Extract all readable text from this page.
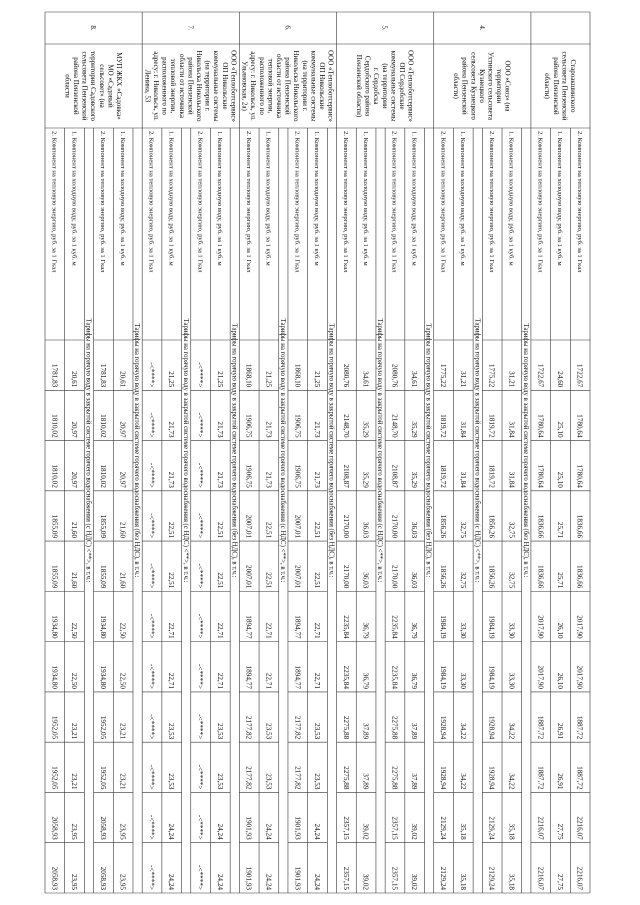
2. Компонент на тепловую энергию, руб. за 1 Гкал
1722,67
1780,64
1780,64
1836,66
1836,66
2017,90
2017,90
1887,72
1887,72
2216,07
2216,07
1. Компонент на холодную воду, руб. за 1 куб. м
24,60
25,10
25,10
25,71
25,71
26,10
26,10
26,91
26,91
27,75
27,75
2. Компонент на тепловую энергию, руб. за 1 Гкал
1722,67
1780,64
1780,64
1836,66
1836,66
2017,90
2017,90
1887,72
1887,72
2216,07
2216,07
Тарифы на горячую воду в закрытой системе горячего водоснабжения (без НДС), в т.ч.:
1. Компонент на холодную воду, руб. за 1 куб. м
31,21
31,84
31,84
32,75
32,75
33,30
33,30
34,22
34,22
35,18
35,18
2. Компонент на тепловую энергию, руб. за 1 Гкал
1775,22
1819,72
1819,72
1856,26
1856,26
1984,19
1984,19
1928,94
1928,94
2129,24
2129,24
Тарифы на горячую воду в закрытой системе горячего водоснабжения (с НДС) <**>, в т.ч.:
1. Компонент на холодную воду, руб. за 1 куб. м
31,21
31,84
31,84
32,75
32,75
33,30
33,30
34,22
34,22
35,18
35,18
2. Компонент на тепловую энергию, руб. за 1 Гкал
1775,22
1819,72
1819,72
1856,26
1856,26
1984,19
1984,19
1928,94
1928,94
2129,24
2129,24
Тарифы на горячую воду в закрытой системе горячего водоснабжения (без НДС), в т.ч.:
1. Компонент на холодную воду, руб. за 1 куб. м
34,61
35,29
35,29
36,03
36,03
36,79
36,79
37,89
37,89
39,02
39,02
2. Компонент на тепловую энергию, руб. за 1 Гкал
2080,76
2148,70
2108,87
2170,00
2170,00
2235,84
2235,84
2275,88
2275,88
2357,15
2357,15
Тарифы на горячую воду в закрытой системе горячего водоснабжения (с НДС) <**>, в т.ч.:
1. Компонент на холодную воду, руб. за 1 куб. м
34,61
35,29
35,29
36,03
36,03
36,79
36,79
37,89
37,89
39,02
39,02
2. Компонент на тепловую энергию, руб. за 1 Гкал
2080,76
2148,70
2108,87
2170,00
2170,00
2235,84
2235,84
2275,88
2275,88
2357,15
2357,15
Тарифы на горячую воду в закрытой системе горячего водоснабжения (без НДС), в т.ч.:
1. Компонент на холодную воду, руб. за 1 куб. м
21,25
21,73
21,73
22,51
22,51
22,71
22,71
23,53
23,53
24,24
24,24
2. Компонент на тепловую энергию, руб. за 1 Гкал
1868,10
1906,75
1906,75
2007,01
2007,01
1894,77
1894,77
2177,82
2177,82
1901,93
1901,93
Тарифы на горячую воду в закрытой системе горячего водоснабжения (с НДС) <**>, в т.ч.:
1. Компонент на холодную воду, руб. за 1 куб. м
21,25
21,73
21,73
22,51
22,51
22,71
22,71
23,53
23,53
24,24
24,24
2. Компонент на тепловую энергию, руб. за 1 Гкал
1868,10
1906,75
1906,75
2007,01
2007,01
1894,77
1894,77
2177,82
2177,82
1901,93
1901,93
Тарифы на горячую воду в закрытой системе горячего водоснабжения (без НДС), в т.ч.:
1. Компонент на холодную воду, руб. за 1 куб. м
21,25
21,73
21,73
22,51
22,51
22,71
22,71
23,53
23,53
24,24
24,24
2. Компонент на тепловую энергию, руб. за 1 Гкал
-<****>
-<****>
-<****>
-<****>
-<****>
-<****>
-<****>
-<****>
-<****>
-<****>
-<****>
Тарифы на горячую воду в закрытой системе горячего водоснабжения (с НДС) <**>, в т.ч.:
1. Компонент на холодную воду, руб. за 1 куб. м
21,25
21,73
21,73
22,51
22,51
22,71
22,71
23,53
23,53
24,24
24,24
2. Компонент на тепловую энергию, руб. за 1 Гкал
-<****>
-<****>
-<****>
-<****>
-<****>
-<****>
-<****>
-<****>
-<****>
-<****>
-<****>
Тарифы на горячую воду в закрытой системе горячего водоснабжения (без НДС), в т.ч.:
1. Компонент на холодную воду, руб. за 1 куб. м
20,61
20,97
20,97
21,60
21,60
22,50
22,50
23,21
23,21
23,95
23,95
2. Компонент на тепловую энергию, руб. за 1 Гкал
1781,83
1810,02
1810,02
1855,09
1855,09
1934,80
1934,80
1952,05
1952,05
2058,93
2058,93
Тарифы на горячую воду в закрытой системе горячего водоснабжения (с НДС) <**>, в т.ч.:
1. Компонент на холодную воду, руб. за 1 куб. м
20,61
20,97
20,97
21,60
21,60
22,50
22,50
23,21
23,21
23,95
23,95
2. Компонент на тепловую энергию, руб. за 1 Гкал
1781,83
1810,02
1810,02
1855,09
1855,09
1934,80
1934,80
1952,05
1952,05
2058,93
2058,93
Староакшинского
сельсовета Пензенской
района Пензенской
области)
ООО «Союз» (на
территории
Ухтинского сельсовета
Кузнецкого
сельсовета Кузнецкого
района Пензенской
области)
4.
ООО «Теплоботсервис»
ОП Сердобские
коммунальные системы
(на территории
г. Сердобска
Сердобского района
Пензенской области)
5.
ООО «Теплоботсервис»
ОП Никольские
коммунальные системы
(на территории г.
Никольска Никольского
района Пензенской
области от источника
тепловой энергии,
расположенного по
адресу: г. Никольск, ул.
Ульяновская, 2а)
6.
ООО «Теплоботсервис»
ОП Никольские
коммунальные системы
(на территории г.
Никольска Никольского
района Пензенской
области от источника
тепловой энергии,
расположенного по
адресу: г. Никольск, ул.
Ленина, 53
7.
МУП ЖКХ «Садовка»
МО «Садовый
сельсовет» (на
территории Садовского
сельсовета Пензенской
района Пензенской
области
8.
